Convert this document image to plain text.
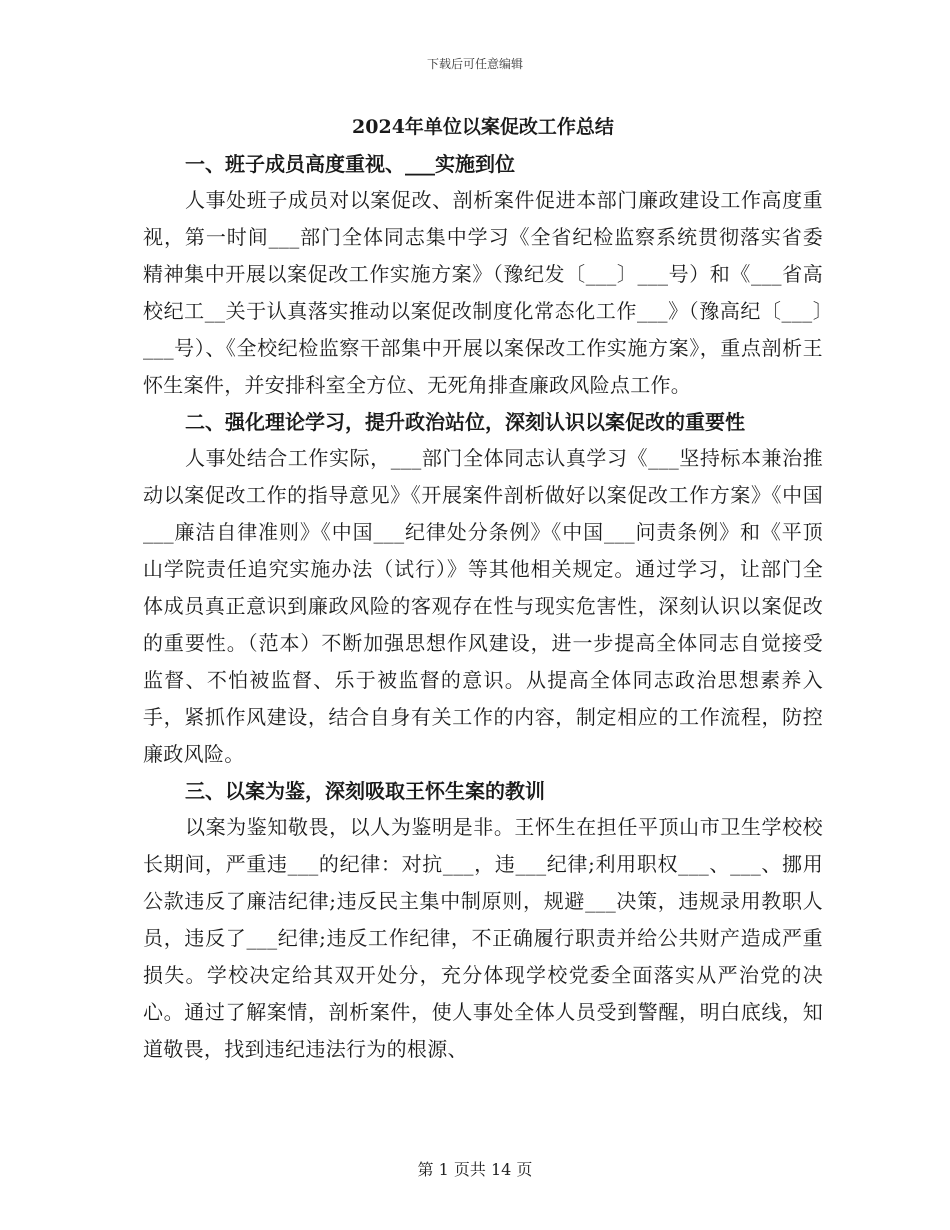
下载后可任意编辑
2024年单位以案促改工作总结
一、班子成员高度重视、___实施到位

人事处班子成员对以案促改、剖析案件促进本部门廉政建设工作高度重视，第一时间___部门全体同志集中学习《全省纪检监察系统贯彻落实省委精神集中开展以案促改工作实施方案》（豫纪发〔___〕___号）和《___省高校纪工__关于认真落实推动以案促改制度化常态化工作___》（豫高纪〔___〕___号）、《全校纪检监察干部集中开展以案保改工作实施方案》，重点剖析王怀生案件，并安排科室全方位、无死角排查廉政风险点工作。

二、强化理论学习，提升政治站位，深刻认识以案促改的重要性

人事处结合工作实际，___部门全体同志认真学习《___坚持标本兼治推动以案促改工作的指导意见》《开展案件剖析做好以案促改工作方案》《中国___廉洁自律准则》《中国___纪律处分条例》《中国___问责条例》和《平顶山学院责任追究实施办法（试行）》等其他相关规定。通过学习，让部门全体成员真正意识到廉政风险的客观存在性与现实危害性，深刻认识以案促改的重要性。（范本）不断加强思想作风建设，进一步提高全体同志自觉接受监督、不怕被监督、乐于被监督的意识。从提高全体同志政治思想素养入手，紧抓作风建设，结合自身有关工作的内容，制定相应的工作流程，防控廉政风险。

三、以案为鉴，深刻吸取王怀生案的教训

以案为鉴知敬畏，以人为鉴明是非。王怀生在担任平顶山市卫生学校校长期间，严重违___的纪律：对抗___，违___纪律;利用职权___、___、挪用公款违反了廉洁纪律;违反民主集中制原则，规避___决策，违规录用教职人员，违反了___纪律;违反工作纪律，不正确履行职责并给公共财产造成严重损失。学校决定给其双开处分，充分体现学校党委全面落实从严治党的决心。通过了解案情，剖析案件，使人事处全体人员受到警醒，明白底线，知道敬畏，找到违纪违法行为的根源、

第 1 页共 14 页
